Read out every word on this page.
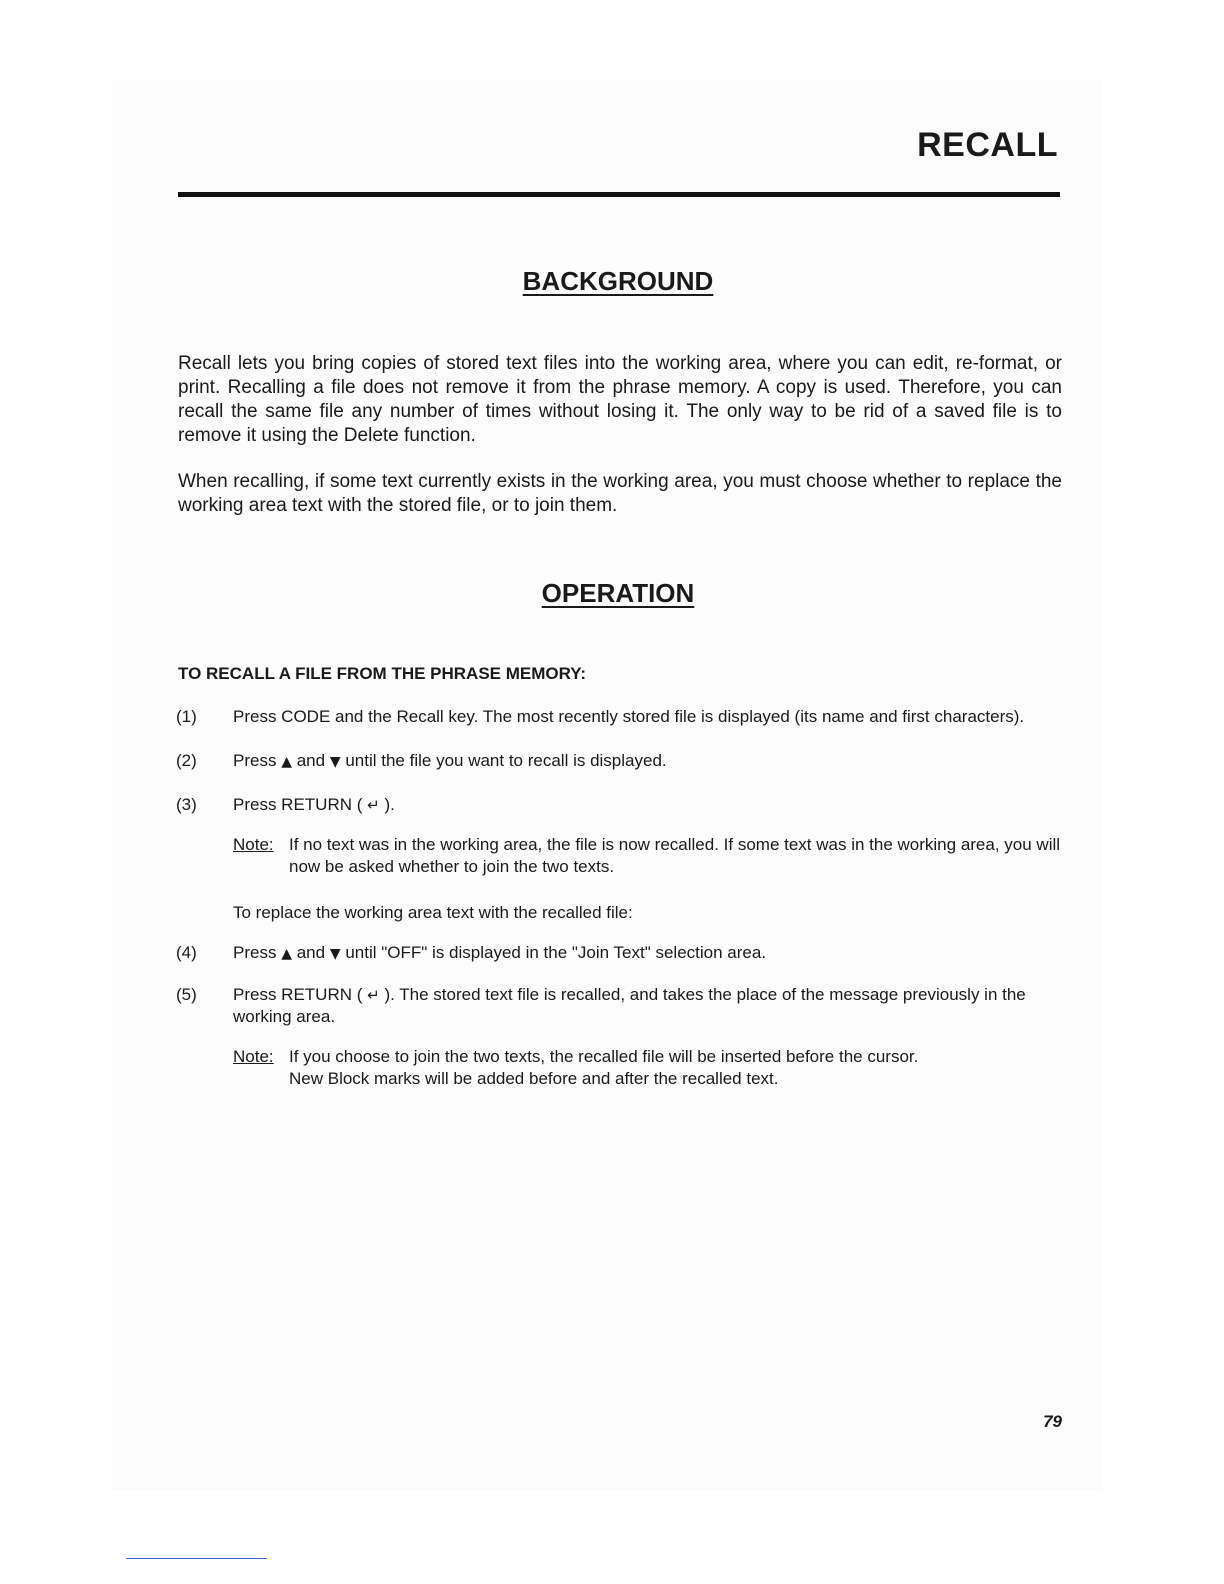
RECALL
BACKGROUND

Recall lets you bring copies of stored text files into the working area, where you can edit, re-format, or print. Recalling a file does not remove it from the phrase memory. A copy is used. Therefore, you can recall the same file any number of times without losing it. The only way to be rid of a saved file is to remove it using the Delete function.

When recalling, if some text currently exists in the working area, you must choose whether to replace the working area text with the stored file, or to join them.

OPERATION
TO RECALL A FILE FROM THE PHRASE MEMORY:
(1)	Press CODE and the Recall key. The most recently stored file is displayed (its name and first characters).
(2)	Press ▲ and ▼ until the file you want to recall is displayed.
(3)	Press RETURN ( ↵ ).
Note: If no text was in the working area, the file is now recalled. If some text was in the working area, you will now be asked whether to join the two texts.
To replace the working area text with the recalled file:
(4)	Press ▲ and ▼ until "OFF" is displayed in the "Join Text" selection area.
(5)	Press RETURN ( ↵ ). The stored text file is recalled, and takes the place of the message previously in the working area.
Note: If you choose to join the two texts, the recalled file will be inserted before the cursor.
New Block marks will be added before and after the recalled text.
79
